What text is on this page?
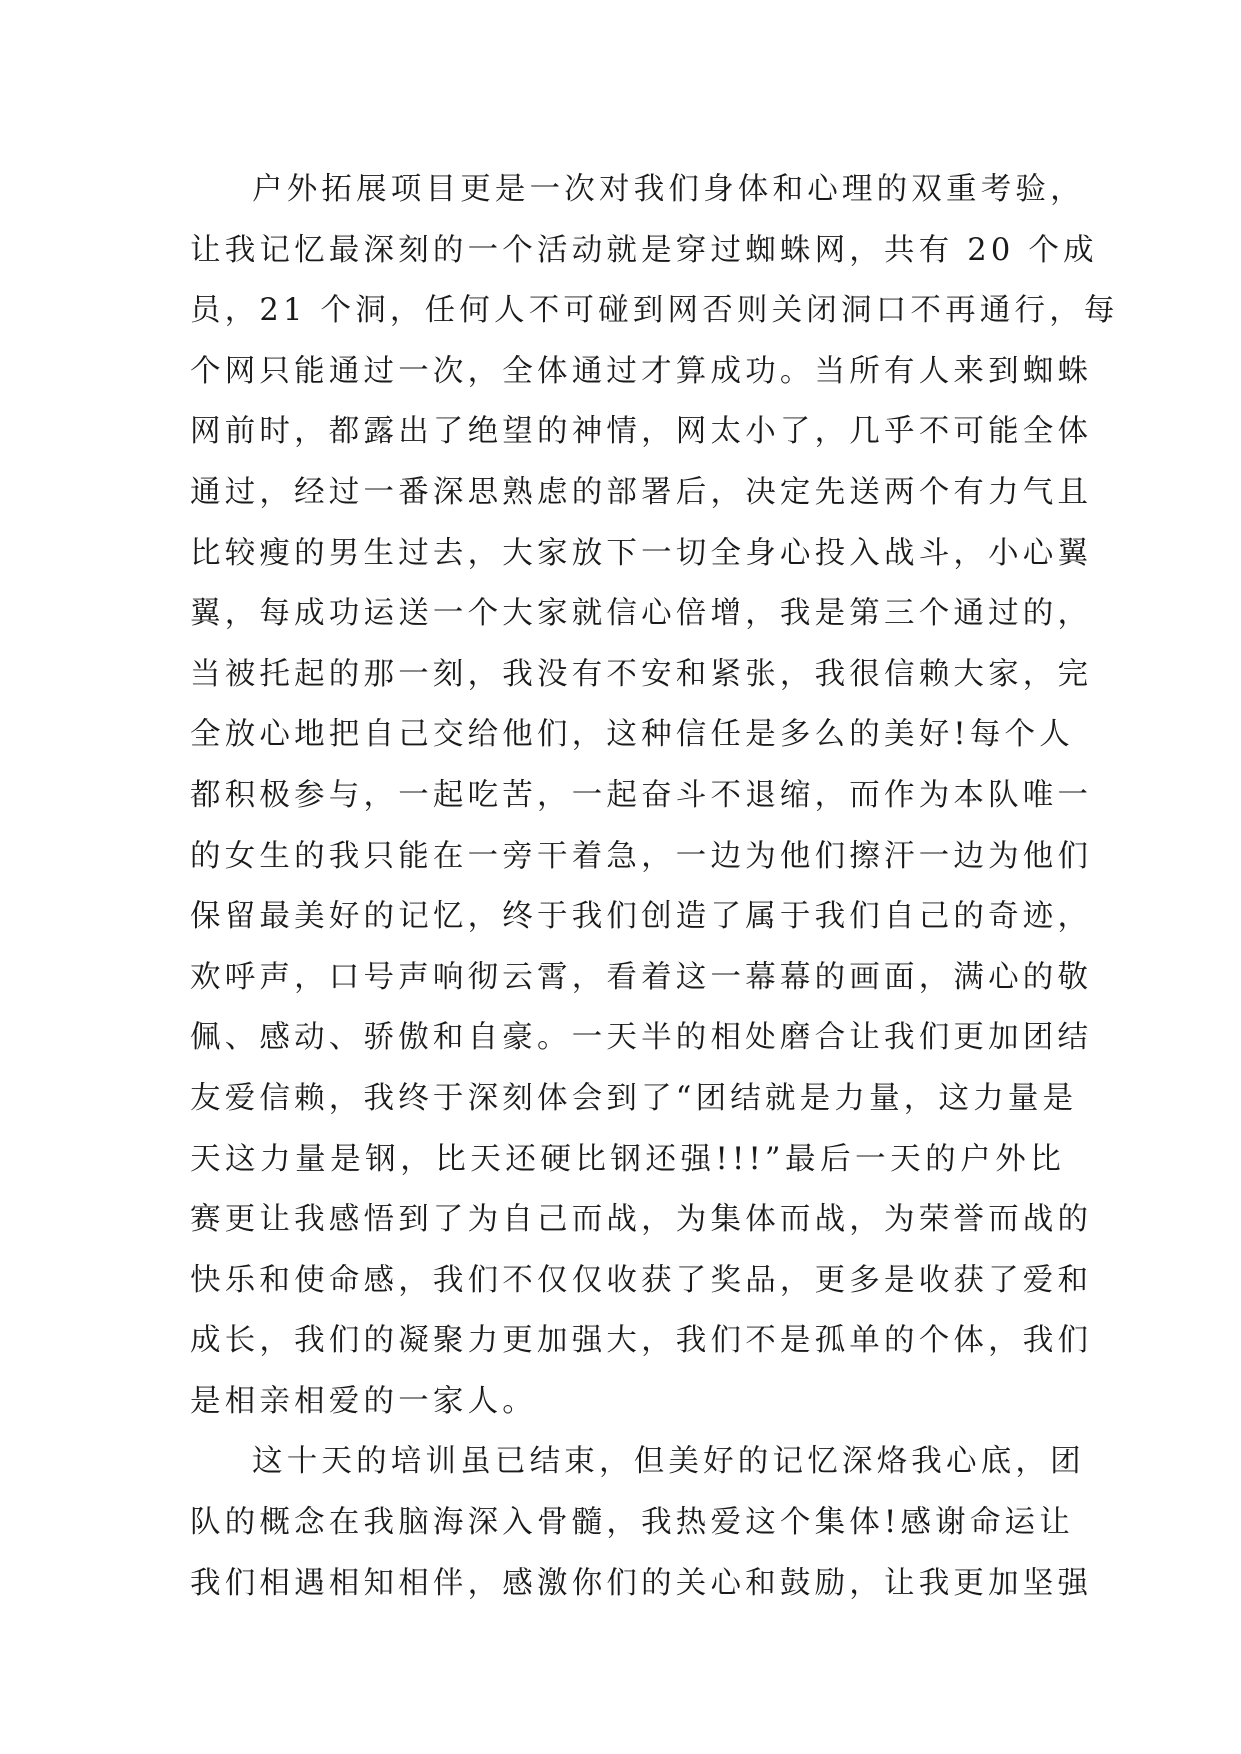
户外拓展项目更是一次对我们身体和心理的双重考验，
让我记忆最深刻的一个活动就是穿过蜘蛛网，共有 20 个成
员，21 个洞，任何人不可碰到网否则关闭洞口不再通行，每
个网只能通过一次，全体通过才算成功。当所有人来到蜘蛛
网前时，都露出了绝望的神情，网太小了，几乎不可能全体
通过，经过一番深思熟虑的部署后，决定先送两个有力气且
比较瘦的男生过去，大家放下一切全身心投入战斗，小心翼
翼，每成功运送一个大家就信心倍增，我是第三个通过的，
当被托起的那一刻，我没有不安和紧张，我很信赖大家，完
全放心地把自己交给他们，这种信任是多么的美好!每个人
都积极参与，一起吃苦，一起奋斗不退缩，而作为本队唯一
的女生的我只能在一旁干着急，一边为他们擦汗一边为他们
保留最美好的记忆，终于我们创造了属于我们自己的奇迹，
欢呼声，口号声响彻云霄，看着这一幕幕的画面，满心的敬
佩、感动、骄傲和自豪。一天半的相处磨合让我们更加团结
友爱信赖，我终于深刻体会到了“团结就是力量，这力量是
天这力量是钢，比天还硬比钢还强!!!”最后一天的户外比
赛更让我感悟到了为自己而战，为集体而战，为荣誉而战的
快乐和使命感，我们不仅仅收获了奖品，更多是收获了爱和
成长，我们的凝聚力更加强大，我们不是孤单的个体，我们
是相亲相爱的一家人。
这十天的培训虽已结束，但美好的记忆深烙我心底，团
队的概念在我脑海深入骨髓，我热爱这个集体!感谢命运让
我们相遇相知相伴，感激你们的关心和鼓励，让我更加坚强
